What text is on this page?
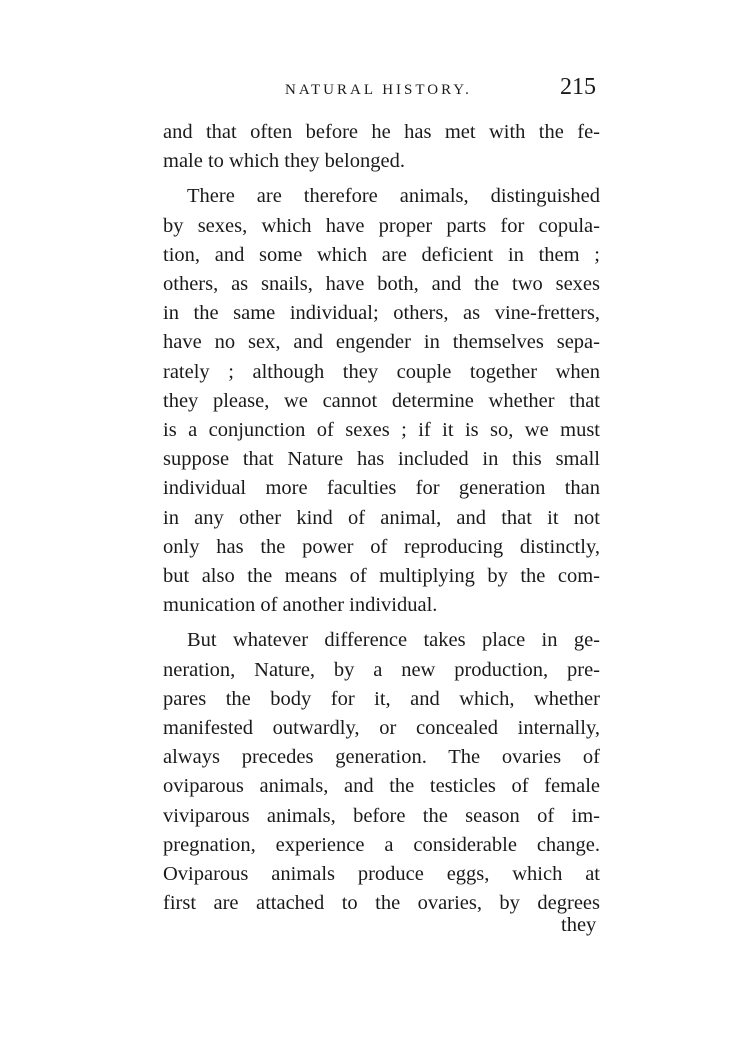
NATURAL HISTORY.	215
and that often before he has met with the fe-
male to which they belonged.
There are therefore animals, distinguished
by sexes, which have proper parts for copula-
tion, and some which are deficient in them ;
others, as snails, have both, and the two sexes
in the same individual; others, as vine-fretters,
have no sex, and engender in themselves sepa-
rately ; although they couple together when
they please, we cannot determine whether that
is a conjunction of sexes ; if it is so, we must
suppose that Nature has included in this small
individual more faculties for generation than
in any other kind of animal, and that it not
only has the power of reproducing distinctly,
but also the means of multiplying by the com-
munication of another individual.
But whatever difference takes place in ge-
neration, Nature, by a new production, pre-
pares the body for it, and which, whether
manifested outwardly, or concealed internally,
always precedes generation. The ovaries of
oviparous animals, and the testicles of female
viviparous animals, before the season of im-
pregnation, experience a considerable change.
Oviparous animals produce eggs, which at
first are attached to the ovaries, by degrees
they
